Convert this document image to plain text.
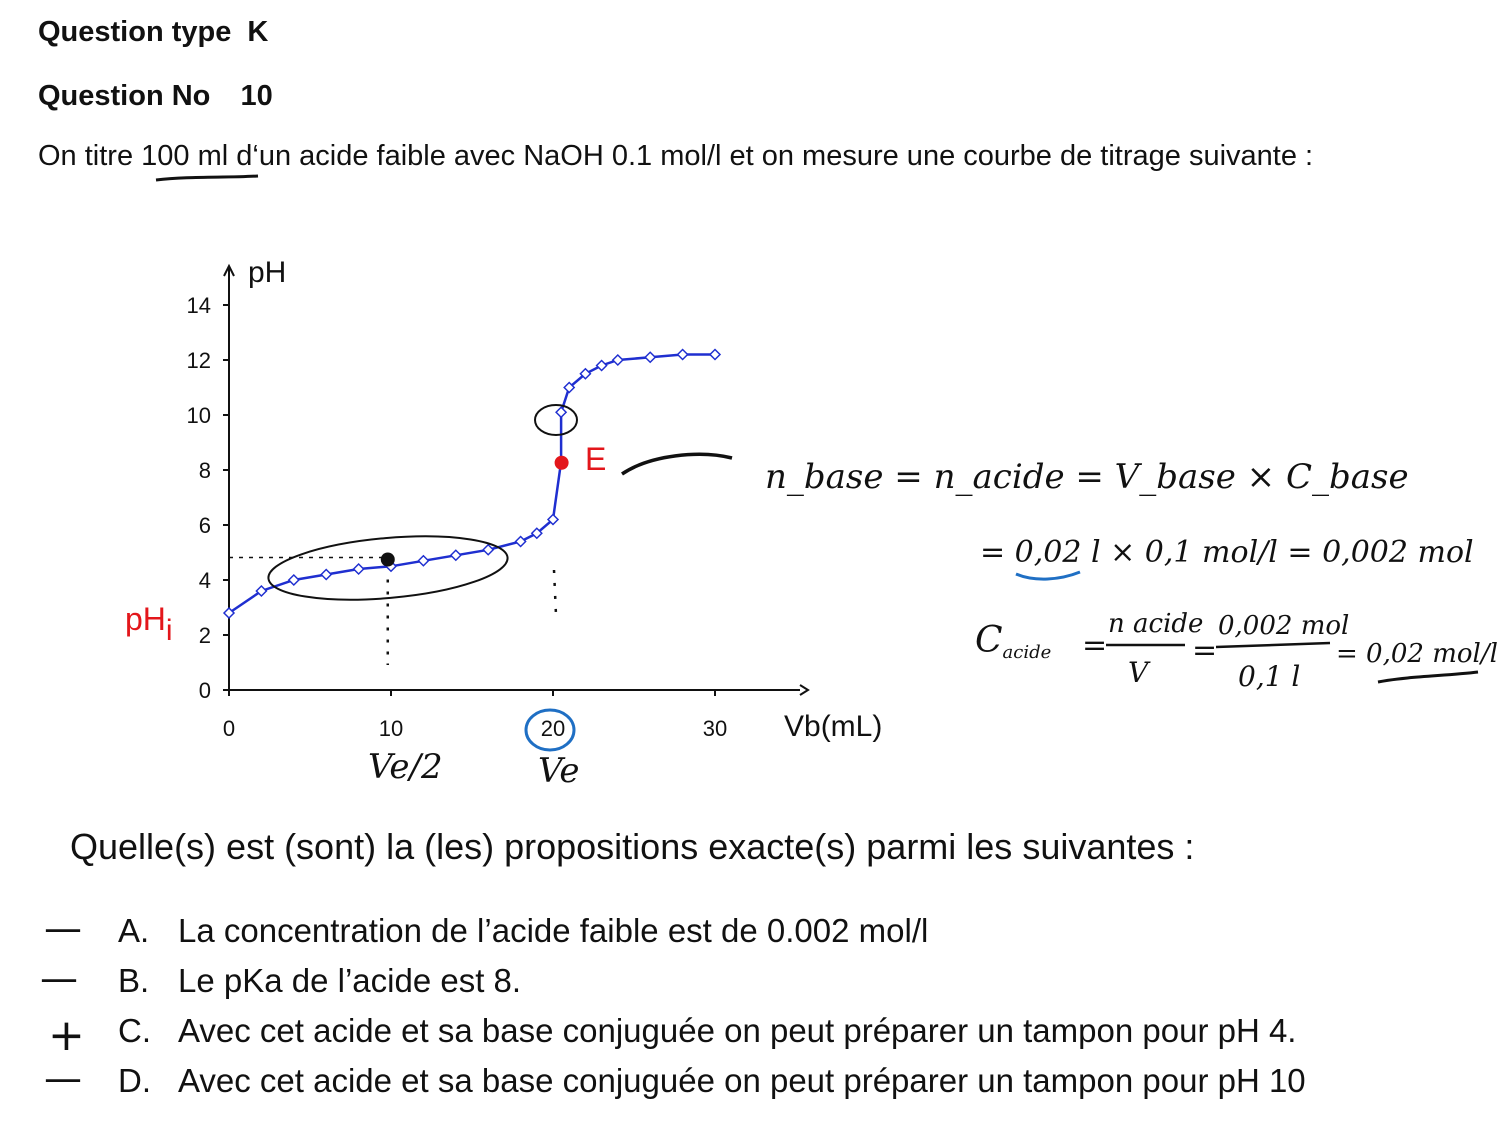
Question type K
Question No 10
On titre 100 ml d‘un acide faible avec NaOH 0.1 mol/l et on mesure une courbe de titrage suivante :
pH
Vb(mL)
0
2
4
6
8
10
12
14
0	10	20	30
pHi
E
Ve/2	Ve
n_base = n_acide = V_base × C_base
= 0,02 l × 0,1 mol/l = 0,002 mol
Cacide =
n acide
V
=
0,002 mol
0,1 l
= 0,02 mol/l
Quelle(s) est (sont) la (les) propositions exacte(s) parmi les suivantes :
—
—
+
—
A. La concentration de l’acide faible est de 0.002 mol/l
B. Le pKa de l’acide est 8.
C. Avec cet acide et sa base conjuguée on peut préparer un tampon pour pH 4.
D. Avec cet acide et sa base conjuguée on peut préparer un tampon pour pH 10
